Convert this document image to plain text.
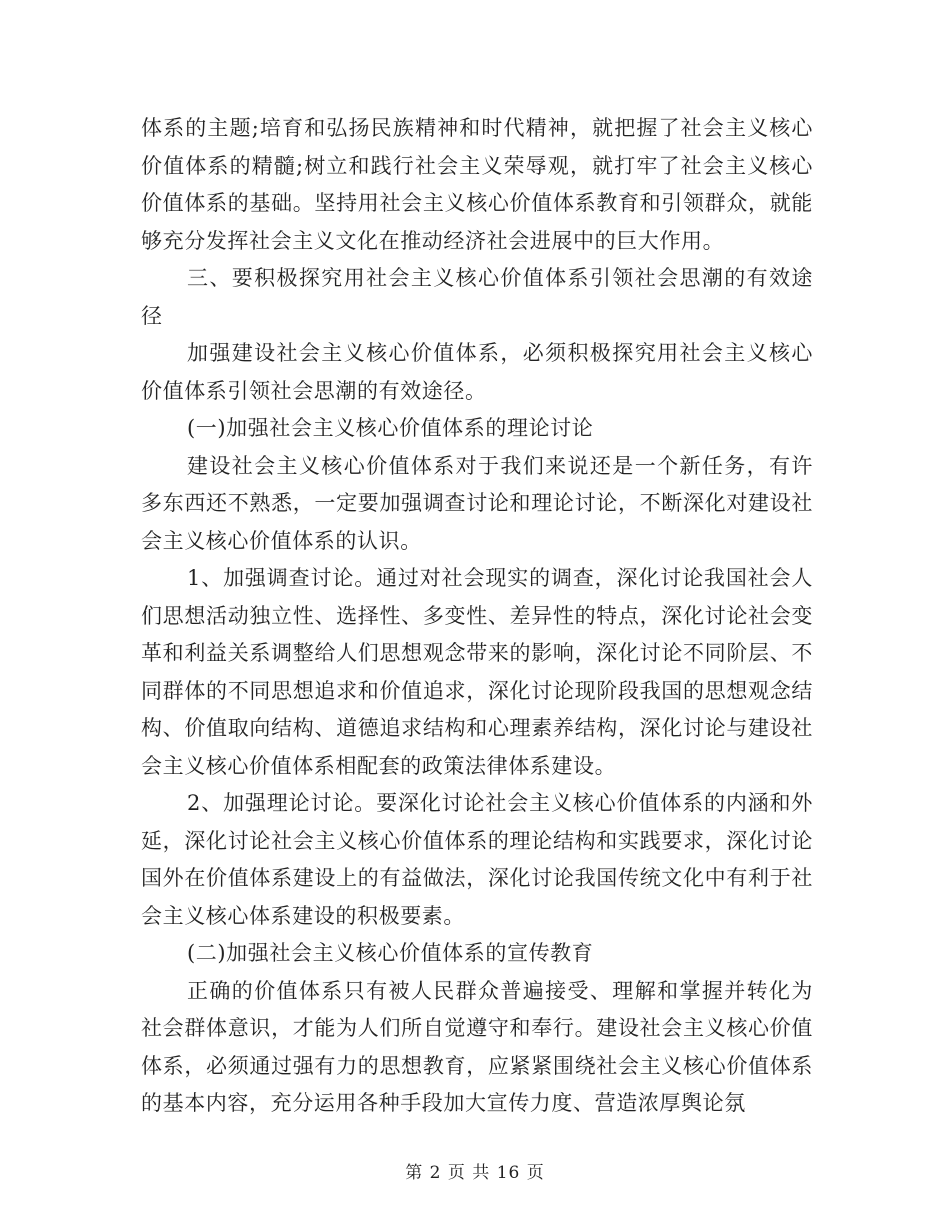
体系的主题;培育和弘扬民族精神和时代精神，就把握了社会主义核心价值体系的精髓;树立和践行社会主义荣辱观，就打牢了社会主义核心价值体系的基础。坚持用社会主义核心价值体系教育和引领群众，就能够充分发挥社会主义文化在推动经济社会进展中的巨大作用。

三、要积极探究用社会主义核心价值体系引领社会思潮的有效途径

加强建设社会主义核心价值体系，必须积极探究用社会主义核心价值体系引领社会思潮的有效途径。

(一)加强社会主义核心价值体系的理论讨论

建设社会主义核心价值体系对于我们来说还是一个新任务，有许多东西还不熟悉，一定要加强调查讨论和理论讨论，不断深化对建设社会主义核心价值体系的认识。

1、加强调查讨论。通过对社会现实的调查，深化讨论我国社会人们思想活动独立性、选择性、多变性、差异性的特点，深化讨论社会变革和利益关系调整给人们思想观念带来的影响，深化讨论不同阶层、不同群体的不同思想追求和价值追求，深化讨论现阶段我国的思想观念结构、价值取向结构、道德追求结构和心理素养结构，深化讨论与建设社会主义核心价值体系相配套的政策法律体系建设。

2、加强理论讨论。要深化讨论社会主义核心价值体系的内涵和外延，深化讨论社会主义核心价值体系的理论结构和实践要求，深化讨论国外在价值体系建设上的有益做法，深化讨论我国传统文化中有利于社会主义核心体系建设的积极要素。

(二)加强社会主义核心价值体系的宣传教育

正确的价值体系只有被人民群众普遍接受、理解和掌握并转化为社会群体意识，才能为人们所自觉遵守和奉行。建设社会主义核心价值体系，必须通过强有力的思想教育，应紧紧围绕社会主义核心价值体系的基本内容，充分运用各种手段加大宣传力度、营造浓厚舆论氛

第 2 页 共 16 页
